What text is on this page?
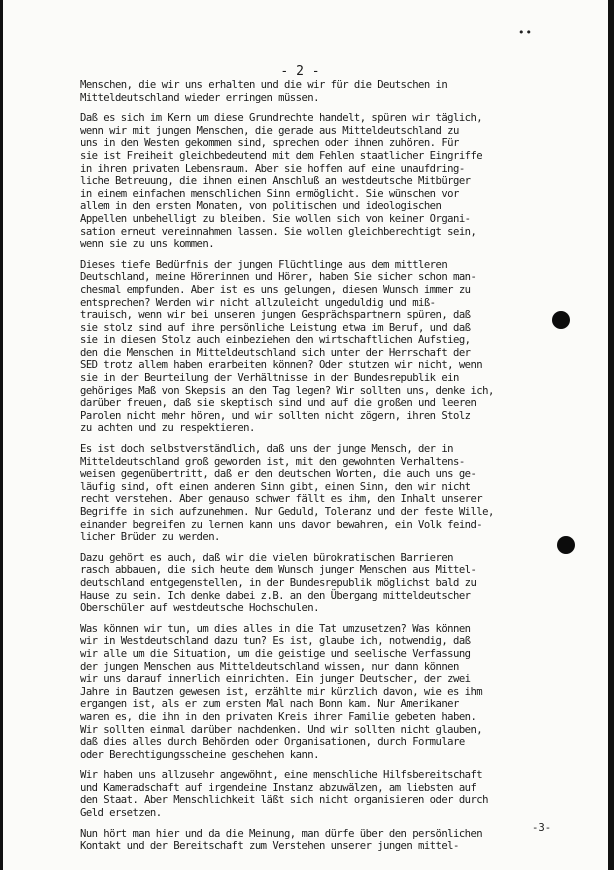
••
- 2 -
Menschen, die wir uns erhalten und die wir für die Deutschen in
Mitteldeutschland wieder erringen müssen.
Daß es sich im Kern um diese Grundrechte handelt, spüren wir täglich,
wenn wir mit jungen Menschen, die gerade aus Mitteldeutschland zu
uns in den Westen gekommen sind, sprechen oder ihnen zuhören. Für
sie ist Freiheit gleichbedeutend mit dem Fehlen staatlicher Eingriffe
in ihren privaten Lebensraum. Aber sie hoffen auf eine unaufdring-
liche Betreuung, die ihnen einen Anschluß an westdeutsche Mitbürger
in einem einfachen menschlichen Sinn ermöglicht. Sie wünschen vor
allem in den ersten Monaten, von politischen und ideologischen
Appellen unbehelligt zu bleiben. Sie wollen sich von keiner Organi-
sation erneut vereinnahmen lassen. Sie wollen gleichberechtigt sein,
wenn sie zu uns kommen.
Dieses tiefe Bedürfnis der jungen Flüchtlinge aus dem mittleren
Deutschland, meine Hörerinnen und Hörer, haben Sie sicher schon man-
chesmal empfunden. Aber ist es uns gelungen, diesen Wunsch immer zu
entsprechen? Werden wir nicht allzuleicht ungeduldig und miß-
trauisch, wenn wir bei unseren jungen Gesprächspartnern spüren, daß
sie stolz sind auf ihre persönliche Leistung etwa im Beruf, und daß
sie in diesen Stolz auch einbeziehen den wirtschaftlichen Aufstieg,
den die Menschen in Mitteldeutschland sich unter der Herrschaft der
SED trotz allem haben erarbeiten können? Oder stutzen wir nicht, wenn
sie in der Beurteilung der Verhältnisse in der Bundesrepublik ein
gehöriges Maß von Skepsis an den Tag legen? Wir sollten uns, denke ich,
darüber freuen, daß sie skeptisch sind und auf die großen und leeren
Parolen nicht mehr hören, und wir sollten nicht zögern, ihren Stolz
zu achten und zu respektieren.
Es ist doch selbstverständlich, daß uns der junge Mensch, der in
Mitteldeutschland groß geworden ist, mit den gewohnten Verhaltens-
weisen gegenübertritt, daß er den deutschen Worten, die auch uns ge-
läufig sind, oft einen anderen Sinn gibt, einen Sinn, den wir nicht
recht verstehen. Aber genauso schwer fällt es ihm, den Inhalt unserer
Begriffe in sich aufzunehmen. Nur Geduld, Toleranz und der feste Wille,
einander begreifen zu lernen kann uns davor bewahren, ein Volk feind-
licher Brüder zu werden.
Dazu gehört es auch, daß wir die vielen bürokratischen Barrieren
rasch abbauen, die sich heute dem Wunsch junger Menschen aus Mittel-
deutschland entgegenstellen, in der Bundesrepublik möglichst bald zu
Hause zu sein. Ich denke dabei z.B. an den Übergang mitteldeutscher
Oberschüler auf westdeutsche Hochschulen.
Was können wir tun, um dies alles in die Tat umzusetzen? Was können
wir in Westdeutschland dazu tun? Es ist, glaube ich, notwendig, daß
wir alle um die Situation, um die geistige und seelische Verfassung
der jungen Menschen aus Mitteldeutschland wissen, nur dann können
wir uns darauf innerlich einrichten. Ein junger Deutscher, der zwei
Jahre in Bautzen gewesen ist, erzählte mir kürzlich davon, wie es ihm
ergangen ist, als er zum ersten Mal nach Bonn kam. Nur Amerikaner
waren es, die ihn in den privaten Kreis ihrer Familie gebeten haben.
Wir sollten einmal darüber nachdenken. Und wir sollten nicht glauben,
daß dies alles durch Behörden oder Organisationen, durch Formulare
oder Berechtigungsscheine geschehen kann.
Wir haben uns allzusehr angewöhnt, eine menschliche Hilfsbereitschaft
und Kameradschaft auf irgendeine Instanz abzuwälzen, am liebsten auf
den Staat. Aber Menschlichkeit läßt sich nicht organisieren oder durch
Geld ersetzen.
Nun hört man hier und da die Meinung, man dürfe über den persönlichen
Kontakt und der Bereitschaft zum Verstehen unserer jungen mittel-
-3-
